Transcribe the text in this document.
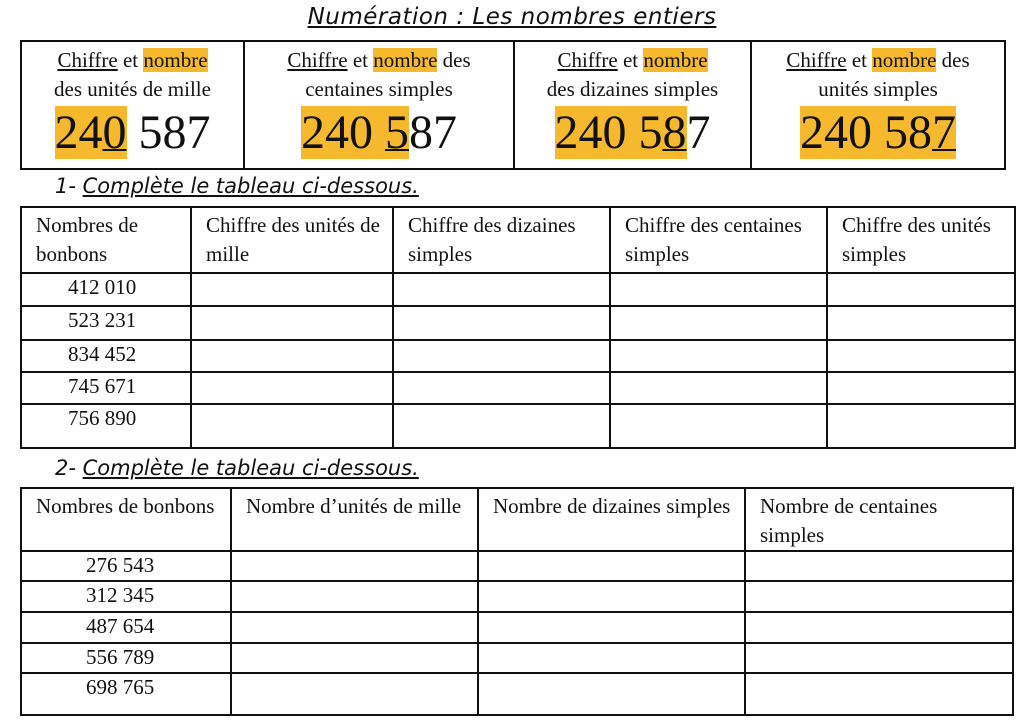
Numération : Les nombres entiers
Chiffre et nombre
des unités de mille
240 587

Chiffre et nombre des
centaines simples
240 587

Chiffre et nombre
des dizaines simples
240 587

Chiffre et nombre des
unités simples
240 587
1- Complète le tableau ci-dessous.
Nombres de bonbons	Chiffre des unités de mille	Chiffre des dizaines simples	Chiffre des centaines simples	Chiffre des unités simples
412 010				
523 231				
834 452				
745 671				
756 890				
2- Complète le tableau ci-dessous.
Nombres de bonbons	Nombre d’unités de mille	Nombre de dizaines simples	Nombre de centaines simples
276 543			
312 345			
487 654			
556 789			
698 765			
